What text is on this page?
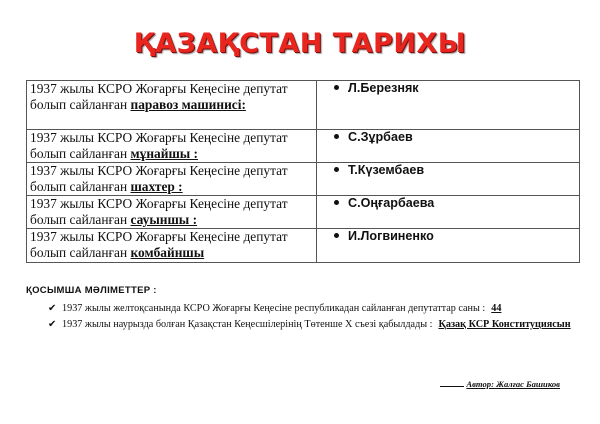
ҚАЗАҚСТАН ТАРИХЫ
1937 жылы КСРО Жоғарғы Кеңесіне депутат болып сайланған паравоз машинисі:	Л.Березняк
1937 жылы КСРО Жоғарғы Кеңесіне депутат болып сайланған мұнайшы :	С.Зұрбаев
1937 жылы КСРО Жоғарғы Кеңесіне депутат болып сайланған шахтер :	Т.Күзембаев
1937 жылы КСРО Жоғарғы Кеңесіне депутат болып сайланған сауыншы :	С.Оңғарбаева
1937 жылы КСРО Жоғарғы Кеңесіне депутат болып сайланған комбайншы	И.Логвиненко
ҚОСЫМША МӘЛІМЕТТЕР :
✔ 1937 жылы желтоқсанында КСРО Жоғарғы Кеңесіне республикадан сайланған депутаттар саны : 44
✔ 1937 жылы наурызда болған Қазақстан Кеңесшілерінің Төтенше X съезі қабылдады : Қазақ КСР Конституциясын
Автор: Жалғас Башиков
